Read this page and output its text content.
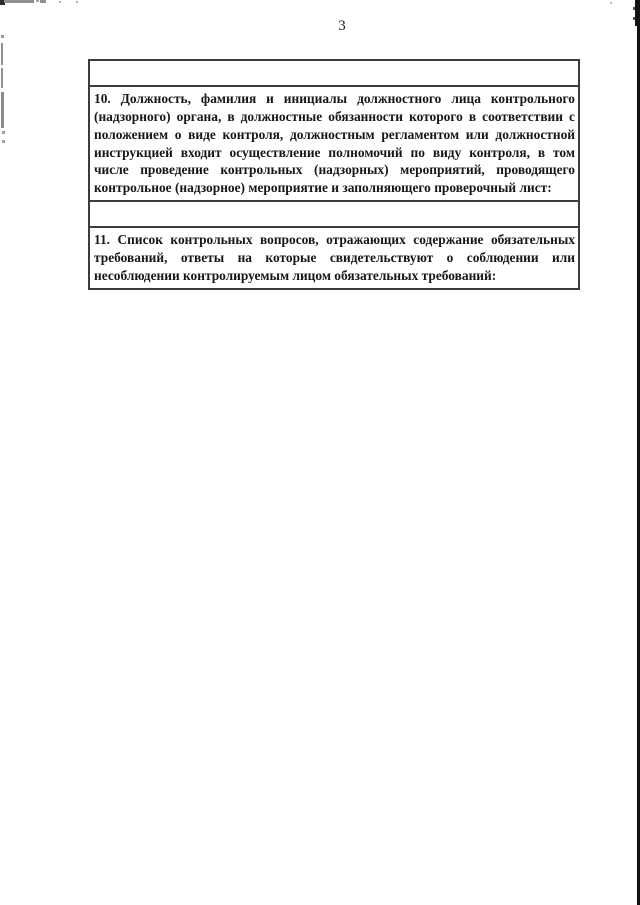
3
10. Должность, фамилия и инициалы должностного лица контрольного
(надзорного) органа, в должностные обязанности которого в соответствии с
положением о виде контроля, должностным регламентом или должностной
инструкцией входит осуществление полномочий по виду контроля, в том
числе проведение контрольных (надзорных) мероприятий, проводящего
контрольное (надзорное) мероприятие и заполняющего проверочный лист:
11. Список контрольных вопросов, отражающих содержание обязательных
требований, ответы на которые свидетельствуют о соблюдении или
несоблюдении контролируемым лицом обязательных требований:
